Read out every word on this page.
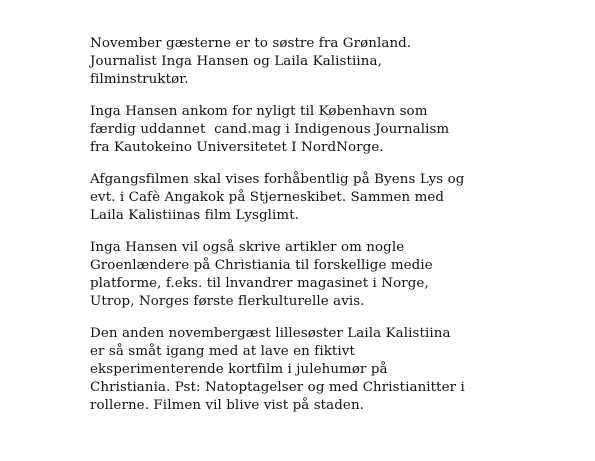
November gæsterne er to søstre fra Grønland.
Journalist Inga Hansen og Laila Kalistiina,
filminstruktør.

Inga Hansen ankom for nyligt til København som
færdig uddannet  cand.mag i Indigenous Journalism
fra Kautokeino Universitetet I NordNorge.

Afgangsfilmen skal vises forhåbentlig på Byens Lys og
evt. i Cafè Angakok på Stjerneskibet. Sammen med
Laila Kalistiinas film Lysglimt.

Inga Hansen vil også skrive artikler om nogle
Groenlændere på Christiania til forskellige medie
platforme, f.eks. til lnvandrer magasinet i Norge,
Utrop, Norges første flerkulturelle avis.

Den anden novembergæst lillesøster Laila Kalistiina
er så småt igang med at lave en fiktivt
eksperimenterende kortfilm i julehumør på
Christiania. Pst: Natoptagelser og med Christianitter i
rollerne. Filmen vil blive vist på staden.
